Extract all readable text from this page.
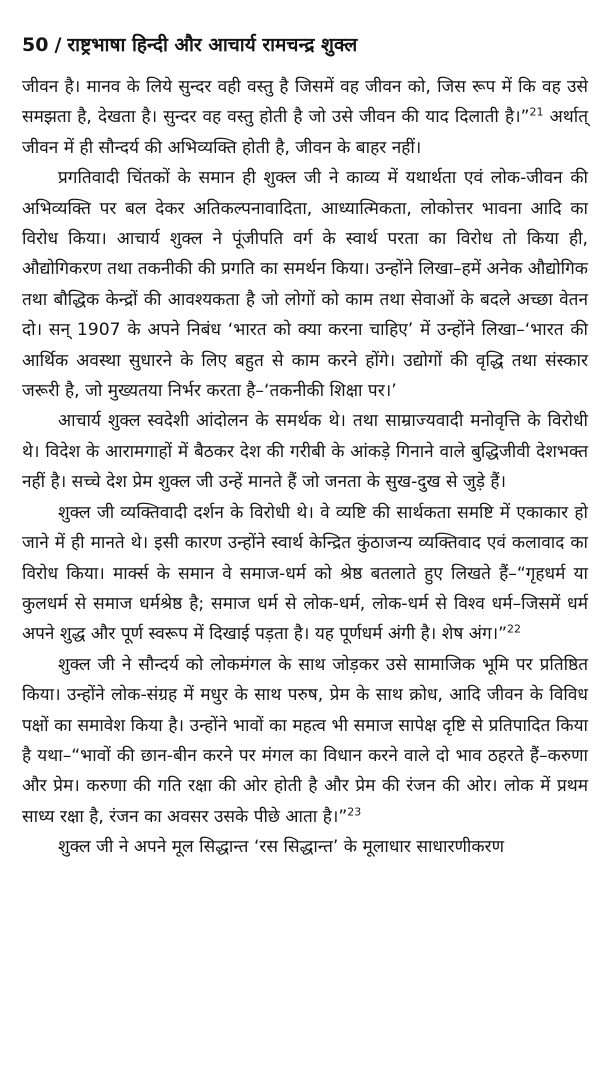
50 / राष्ट्रभाषा हिन्दी और आचार्य रामचन्द्र शुक्ल

जीवन है। मानव के लिये सुन्दर वही वस्तु है जिसमें वह जीवन को, जिस रूप में कि वह उसे समझता है, देखता है। सुन्दर वह वस्तु होती है जो उसे जीवन की याद दिलाती है।”$^{21}$ अर्थात् जीवन में ही सौन्दर्य की अभिव्यक्ति होती है, जीवन के बाहर नहीं।

प्रगतिवादी चिंतकों के समान ही शुक्ल जी ने काव्य में यथार्थता एवं लोक-जीवन की अभिव्यक्ति पर बल देकर अतिकल्पनावादिता, आध्यात्मिकता, लोकोत्तर भावना आदि का विरोध किया। आचार्य शुक्ल ने पूंजीपति वर्ग के स्वार्थ परता का विरोध तो किया ही, औद्योगिकरण तथा तकनीकी की प्रगति का समर्थन किया। उन्होंने लिखा–हमें अनेक औद्योगिक तथा बौद्धिक केन्द्रों की आवश्यकता है जो लोगों को काम तथा सेवाओं के बदले अच्छा वेतन दो। सन् 1907 के अपने निबंध ‘भारत को क्या करना चाहिए’ में उन्होंने लिखा–‘भारत की आर्थिक अवस्था सुधारने के लिए बहुत से काम करने होंगे। उद्योगों की वृद्धि तथा संस्कार जरूरी है, जो मुख्यतया निर्भर करता है–‘तकनीकी शिक्षा पर।’

आचार्य शुक्ल स्वदेशी आंदोलन के समर्थक थे। तथा साम्राज्यवादी मनोवृत्ति के विरोधी थे। विदेश के आरामगाहों में बैठकर देश की गरीबी के आंकड़े गिनाने वाले बुद्धिजीवी देशभक्त नहीं है। सच्चे देश प्रेम शुक्ल जी उन्हें मानते हैं जो जनता के सुख-दुख से जुड़े हैं।

शुक्ल जी व्यक्तिवादी दर्शन के विरोधी थे। वे व्यष्टि की सार्थकता समष्टि में एकाकार हो जाने में ही मानते थे। इसी कारण उन्होंने स्वार्थ केन्द्रित कुंठाजन्य व्यक्तिवाद एवं कलावाद का विरोध किया। मार्क्स के समान वे समाज-धर्म को श्रेष्ठ बतलाते हुए लिखते हैं–“गृहधर्म या कुलधर्म से समाज धर्मश्रेष्ठ है; समाज धर्म से लोक-धर्म, लोक-धर्म से विश्व धर्म–जिसमें धर्म अपने शुद्ध और पूर्ण स्वरूप में दिखाई पड़ता है। यह पूर्णधर्म अंगी है। शेष अंग।”$^{22}$

शुक्ल जी ने सौन्दर्य को लोकमंगल के साथ जोड़कर उसे सामाजिक भूमि पर प्रतिष्ठित किया। उन्होंने लोक-संग्रह में मधुर के साथ परुष, प्रेम के साथ क्रोध, आदि जीवन के विविध पक्षों का समावेश किया है। उन्होंने भावों का महत्व भी समाज सापेक्ष दृष्टि से प्रतिपादित किया है यथा–“भावों की छान-बीन करने पर मंगल का विधान करने वाले दो भाव ठहरते हैं–करुणा और प्रेम। करुणा की गति रक्षा की ओर होती है और प्रेम की रंजन की ओर। लोक में प्रथम साध्य रक्षा है, रंजन का अवसर उसके पीछे आता है।”$^{23}$

शुक्ल जी ने अपने मूल सिद्धान्त ‘रस सिद्धान्त’ के मूलाधार साधारणीकरण
